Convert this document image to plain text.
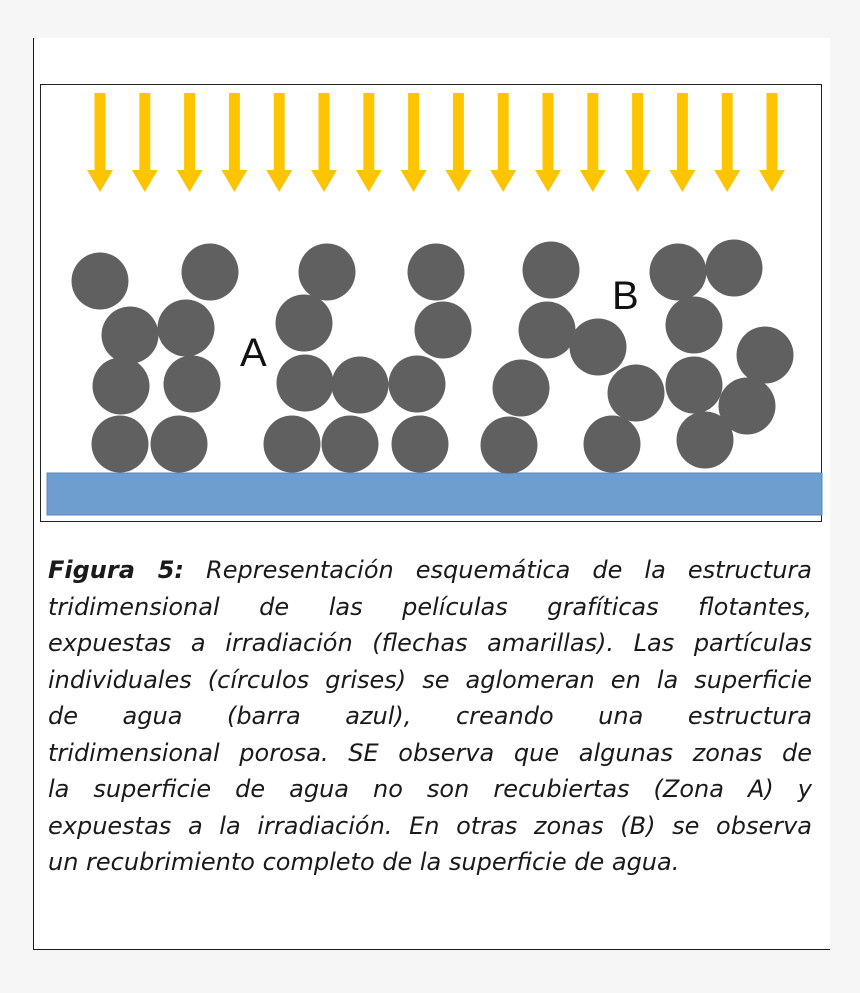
A
B
Figura 5: Representación esquemática de la estructura
tridimensional de las películas grafíticas flotantes,
expuestas a irradiación (flechas amarillas). Las partículas
individuales (círculos grises) se aglomeran en la superficie
de agua (barra azul), creando una estructura
tridimensional porosa. SE observa que algunas zonas de
la superficie de agua no son recubiertas (Zona A) y
expuestas a la irradiación. En otras zonas (B) se observa
un recubrimiento completo de la superficie de agua.
